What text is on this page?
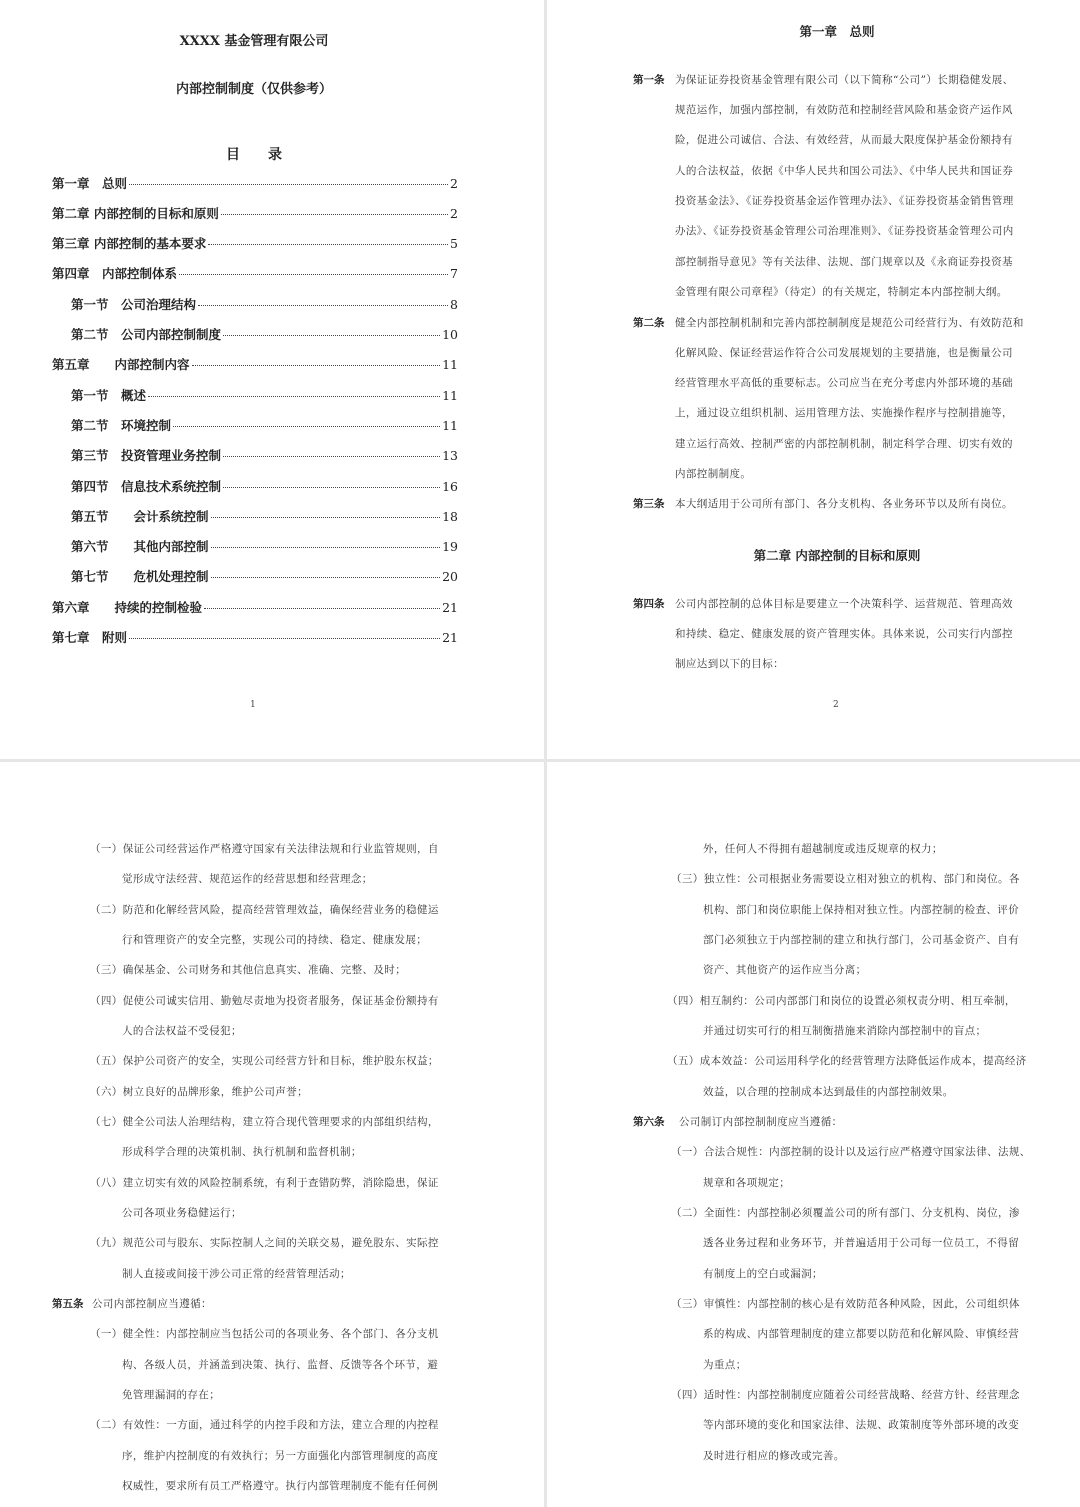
XXXX 基金管理有限公司
内部控制制度（仅供参考）
目录
第一章　总则	2
第二章 内部控制的目标和原则	2
第三章 内部控制的基本要求	5
第四章　内部控制体系	7
第一节　公司治理结构	8
第二节　公司内部控制制度	10
第五章　　内部控制内容	11
第一节　概述	11
第二节　环境控制	11
第三节　投资管理业务控制	13
第四节　信息技术系统控制	16
第五节　　会计系统控制	18
第六节　　其他内部控制	19
第七节　　危机处理控制	20
第六章　　持续的控制检验	21
第七章　附则	21
1
第一章　总则
第一条 为保证证券投资基金管理有限公司（以下简称“公司”）长期稳健发展、
规范运作，加强内部控制，有效防范和控制经营风险和基金资产运作风
险，促进公司诚信、合法、有效经营，从而最大限度保护基金份额持有
人的合法权益，依据《中华人民共和国公司法》、《中华人民共和国证券
投资基金法》、《证券投资基金运作管理办法》、《证券投资基金销售管理
办法》、《证券投资基金管理公司治理准则》、《证券投资基金管理公司内
部控制指导意见》等有关法律、法规、部门规章以及《永商证券投资基
金管理有限公司章程》（待定）的有关规定，特制定本内部控制大纲。
第二条 健全内部控制机制和完善内部控制制度是规范公司经营行为、有效防范和
化解风险、保证经营运作符合公司发展规划的主要措施，也是衡量公司
经营管理水平高低的重要标志。公司应当在充分考虑内外部环境的基础
上，通过设立组织机制、运用管理方法、实施操作程序与控制措施等，
建立运行高效、控制严密的内部控制机制，制定科学合理、切实有效的
内部控制制度。
第三条 本大纲适用于公司所有部门、各分支机构、各业务环节以及所有岗位。
第二章 内部控制的目标和原则
第四条 公司内部控制的总体目标是要建立一个决策科学、运营规范、管理高效
和持续、稳定、健康发展的资产管理实体。具体来说，公司实行内部控
制应达到以下的目标：
2
（一）保证公司经营运作严格遵守国家有关法律法规和行业监管规则，自
觉形成守法经营、规范运作的经营思想和经营理念；
（二）防范和化解经营风险，提高经营管理效益，确保经营业务的稳健运
行和管理资产的安全完整，实现公司的持续、稳定、健康发展；
（三）确保基金、公司财务和其他信息真实、准确、完整、及时；
（四）促使公司诚实信用、勤勉尽责地为投资者服务，保证基金份额持有
人的合法权益不受侵犯；
（五）保护公司资产的安全，实现公司经营方针和目标，维护股东权益；
（六）树立良好的品牌形象，维护公司声誉；
（七）健全公司法人治理结构，建立符合现代管理要求的内部组织结构，
形成科学合理的决策机制、执行机制和监督机制；
（八）建立切实有效的风险控制系统，有利于查错防弊，消除隐患，保证
公司各项业务稳健运行；
（九）规范公司与股东、实际控制人之间的关联交易，避免股东、实际控
制人直接或间接干涉公司正常的经营管理活动；
第五条 公司内部控制应当遵循：
（一）健全性：内部控制应当包括公司的各项业务、各个部门、各分支机
构、各级人员，并涵盖到决策、执行、监督、反馈等各个环节，避
免管理漏洞的存在；
（二）有效性：一方面，通过科学的内控手段和方法，建立合理的内控程
序，维护内控制度的有效执行；另一方面强化内部管理制度的高度
权威性，要求所有员工严格遵守。执行内部管理制度不能有任何例
外，任何人不得拥有超越制度或违反规章的权力；
（三）独立性：公司根据业务需要设立相对独立的机构、部门和岗位。各
机构、部门和岗位职能上保持相对独立性。内部控制的检查、评价
部门必须独立于内部控制的建立和执行部门，公司基金资产、自有
资产、其他资产的运作应当分离；
（四）相互制约：公司内部部门和岗位的设置必须权责分明、相互牵制，
并通过切实可行的相互制衡措施来消除内部控制中的盲点；
（五）成本效益：公司运用科学化的经营管理方法降低运作成本，提高经济
效益，以合理的控制成本达到最佳的内部控制效果。
第六条 公司制订内部控制制度应当遵循：
（一）合法合规性：内部控制的设计以及运行应严格遵守国家法律、法规、
规章和各项规定；
（二）全面性：内部控制必须覆盖公司的所有部门、分支机构、岗位，渗
透各业务过程和业务环节，并普遍适用于公司每一位员工，不得留
有制度上的空白或漏洞；
（三）审慎性：内部控制的核心是有效防范各种风险，因此，公司组织体
系的构成、内部管理制度的建立都要以防范和化解风险、审慎经营
为重点；
（四）适时性：内部控制制度应随着公司经营战略、经营方针、经营理念
等内部环境的变化和国家法律、法规、政策制度等外部环境的改变
及时进行相应的修改或完善。
